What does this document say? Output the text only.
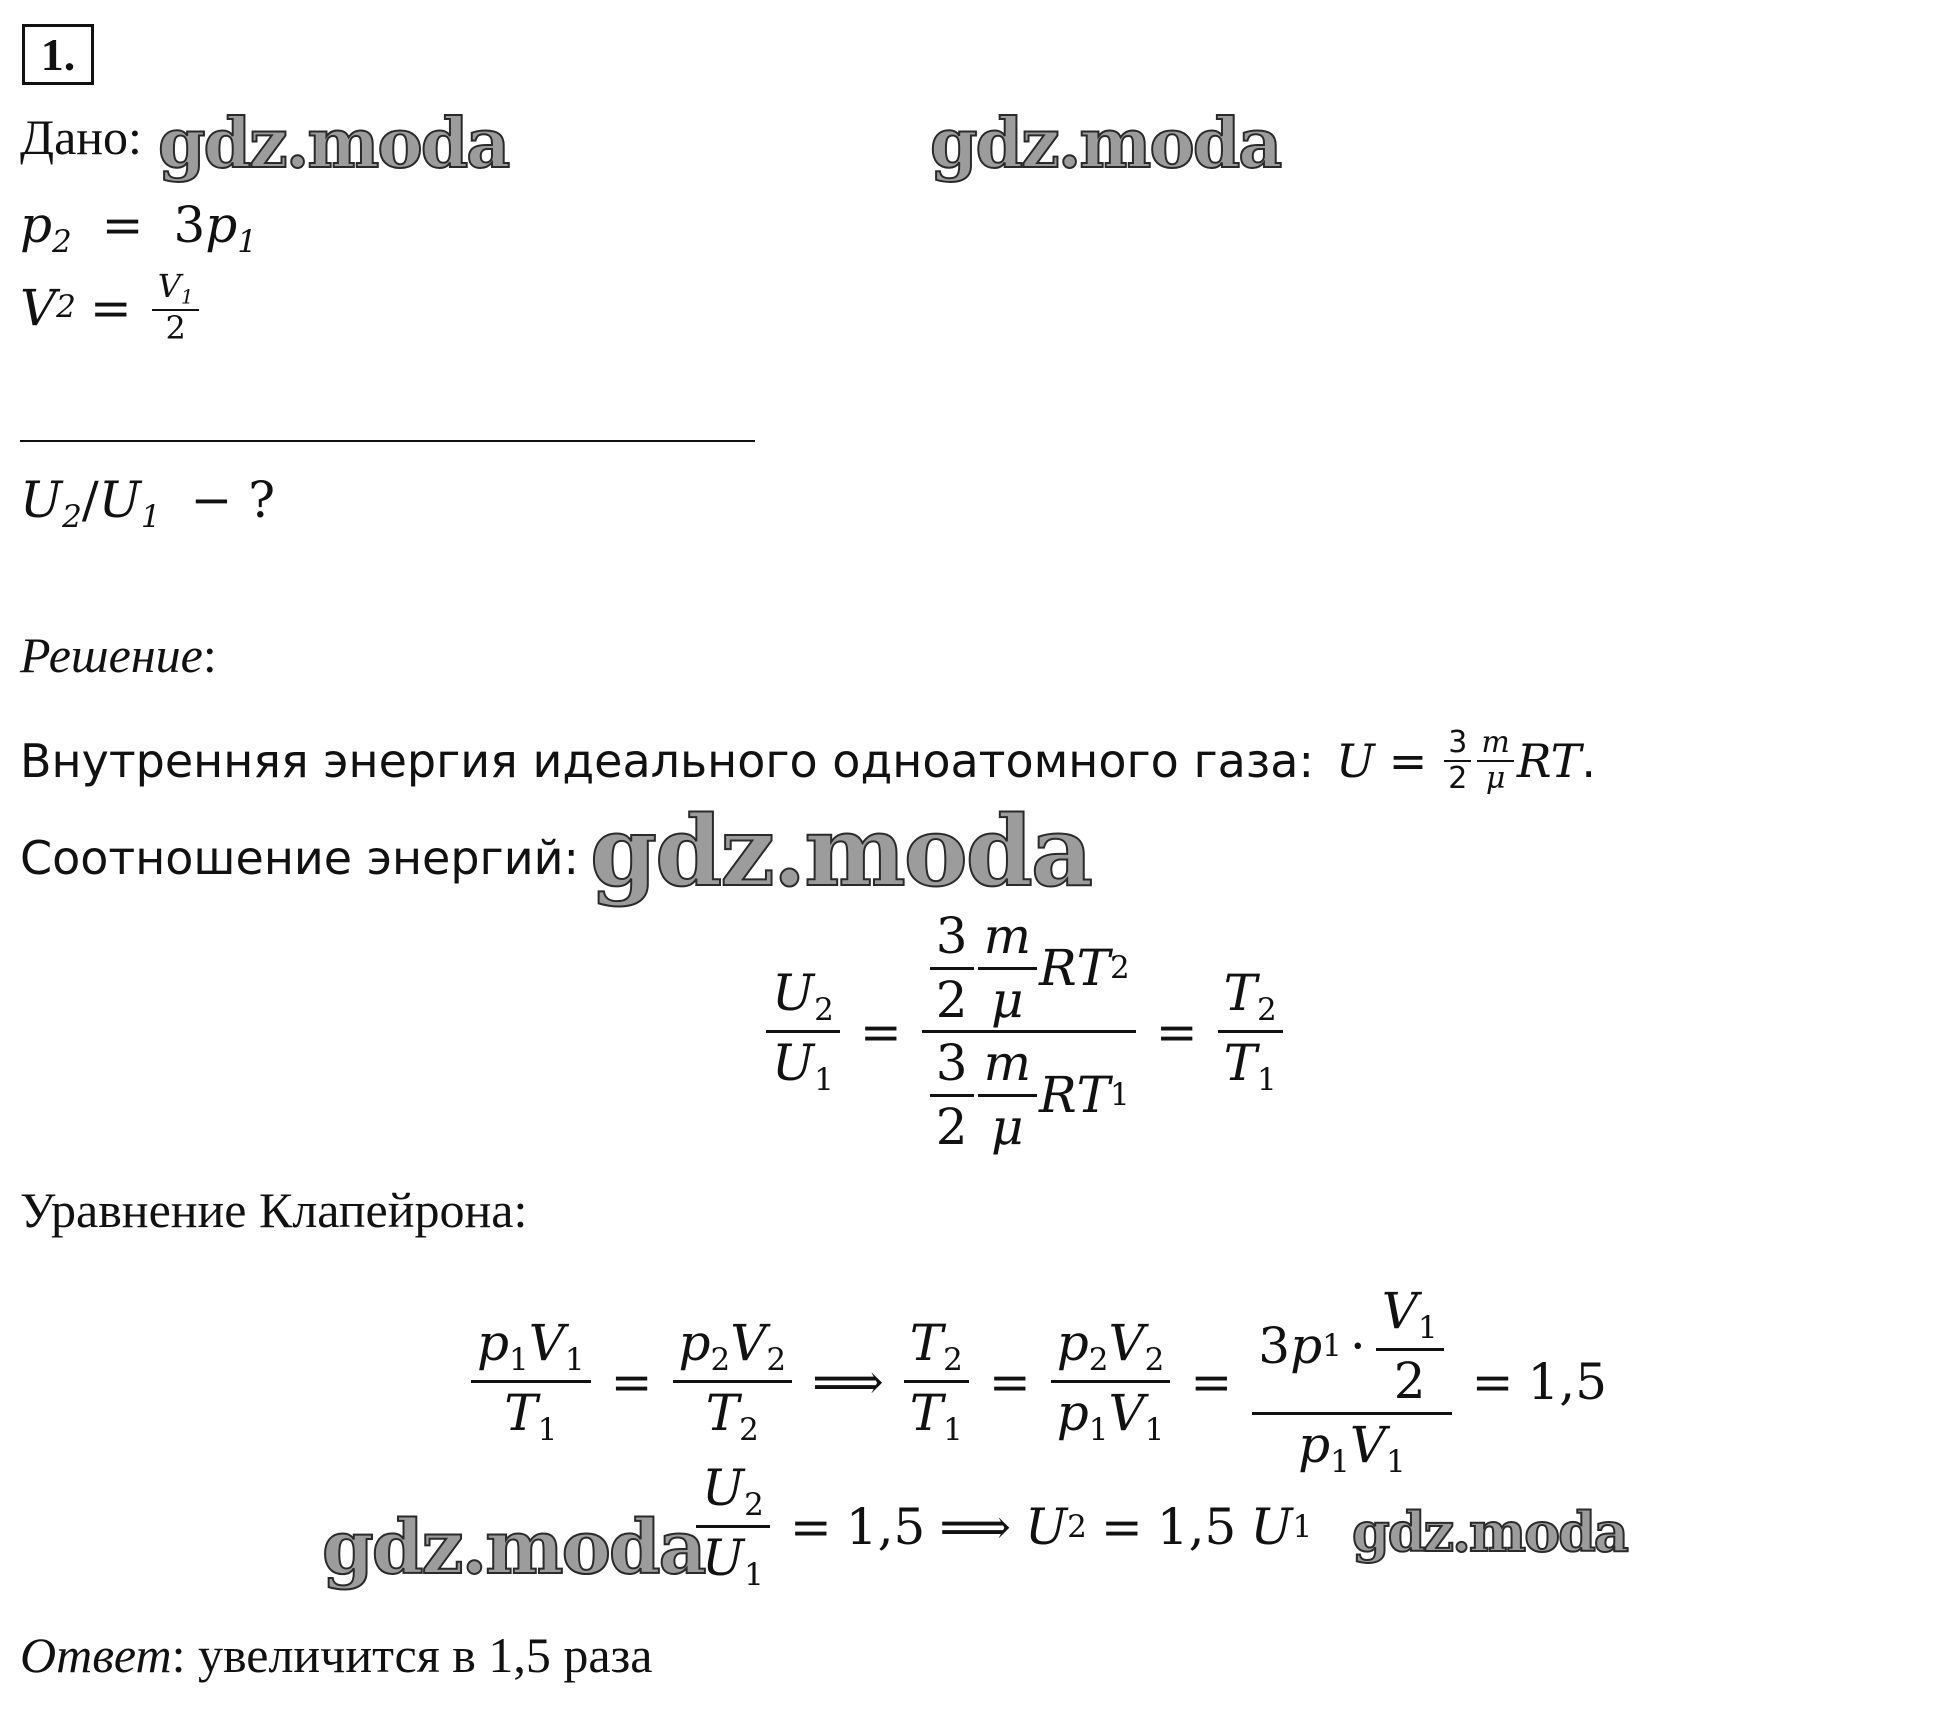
1.
Дано:
$p_2 = 3p_1$
V $2 = \frac{V_1}{2}$
$U_2/U_1$ − ?
Решение:
Внутренняя энергия идеального одноатомного газа: $U = \frac{3}{2} \frac{m}{\mu}$ RT .
Соотношение энергий:
$\frac{U_2}{U_1} = \frac{\frac{3}{2} \frac{m}{\mu} R T 2}{\frac{3}{2} \frac{m}{\mu} R T 1} = \frac{T_2}{T_1}$
Уравнение Клапейрона:
$\frac{p_1V_1}{T_1} = \frac{p_2V_2}{T_2}$ ⟹ $\frac{T_2}{T_1} = \frac{p_2V_2}{p_1V_1} = \frac{3 p 1 \cdot \frac{V_1}{2}}{p_1V_1} = 1,5$
$\frac{U_2}{U_1} = 1,5$ ⟹ U 2 = 1,5 U 1
Ответ: увеличится в 1,5 раза
gdz.moda	gdz.moda
gdz.moda
gdz.moda	gdz.moda
